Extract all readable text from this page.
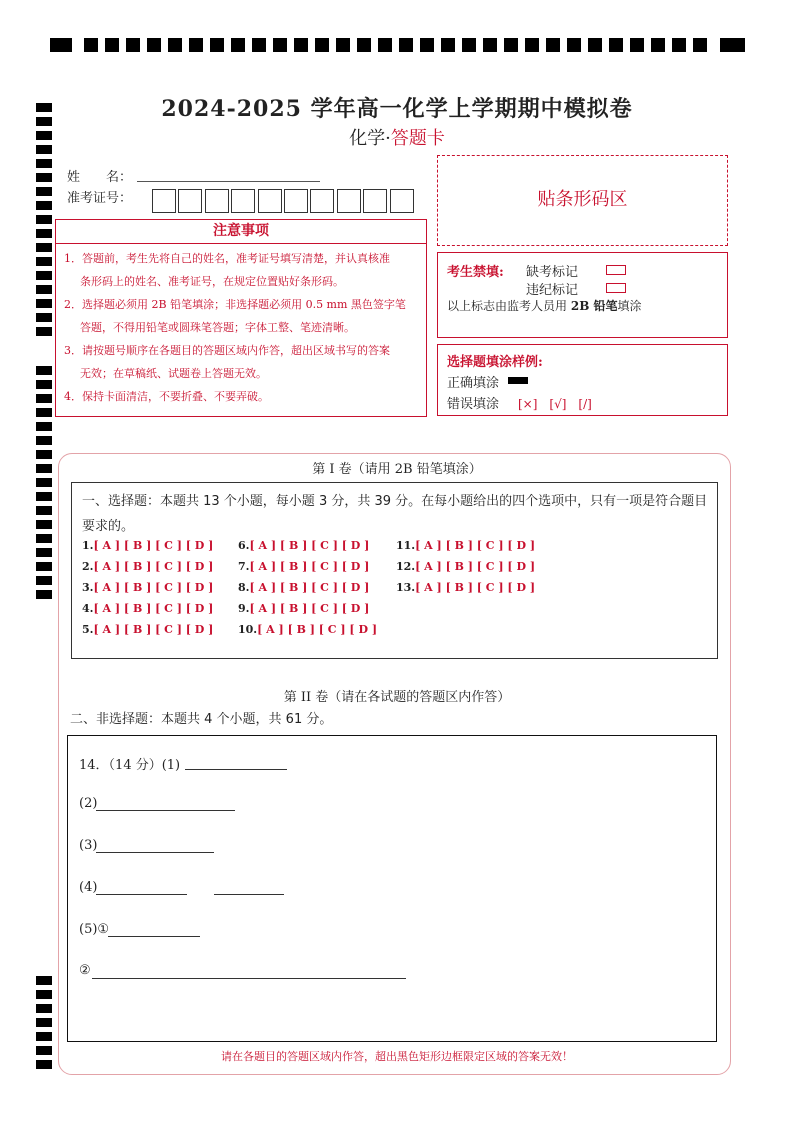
2024-2025 学年高一化学上学期期中模拟卷
化学·答题卡
姓　　名：
准考证号：
注意事项
1．答题前，考生先将自己的姓名，准考证号填写清楚，并认真核准
条形码上的姓名、准考证号，在规定位置贴好条形码。
2．选择题必须用 2B 铅笔填涂；非选择题必须用 0.5 mm 黑色签字笔
答题，不得用铅笔或圆珠笔答题；字体工整、笔迹清晰。
3．请按题号顺序在各题目的答题区域内作答，超出区域书写的答案
无效；在草稿纸、试题卷上答题无效。
4．保持卡面清洁，不要折叠、不要弄破。
贴条形码区
考生禁填: 缺考标记
违纪标记
以上标志由监考人员用 2B 铅笔填涂
选择题填涂样例:
正确填涂
错误填涂 [×]　[√]　[/]
第 I 卷（请用 2B 铅笔填涂）
一、选择题：本题共 13 个小题，每小题 3 分，共 39 分。在每小题给出的四个选项中，只有一项是符合题目要求的。
1.[ A ] [ B ] [ C ] [ D ]
2.[ A ] [ B ] [ C ] [ D ]
3.[ A ] [ B ] [ C ] [ D ]
4.[ A ] [ B ] [ C ] [ D ]
5.[ A ] [ B ] [ C ] [ D ]
6.[ A ] [ B ] [ C ] [ D ]
7.[ A ] [ B ] [ C ] [ D ]
8.[ A ] [ B ] [ C ] [ D ]
9.[ A ] [ B ] [ C ] [ D ]
10.[ A ] [ B ] [ C ] [ D ]
11.[ A ] [ B ] [ C ] [ D ]
12.[ A ] [ B ] [ C ] [ D ]
13.[ A ] [ B ] [ C ] [ D ]
第 II 卷（请在各试题的答题区内作答）
二、非选择题：本题共 4 个小题，共 61 分。
14．（14 分）(1)
(2)
(3)
(4)
(5)①
②
请在各题目的答题区域内作答，超出黑色矩形边框限定区域的答案无效！
